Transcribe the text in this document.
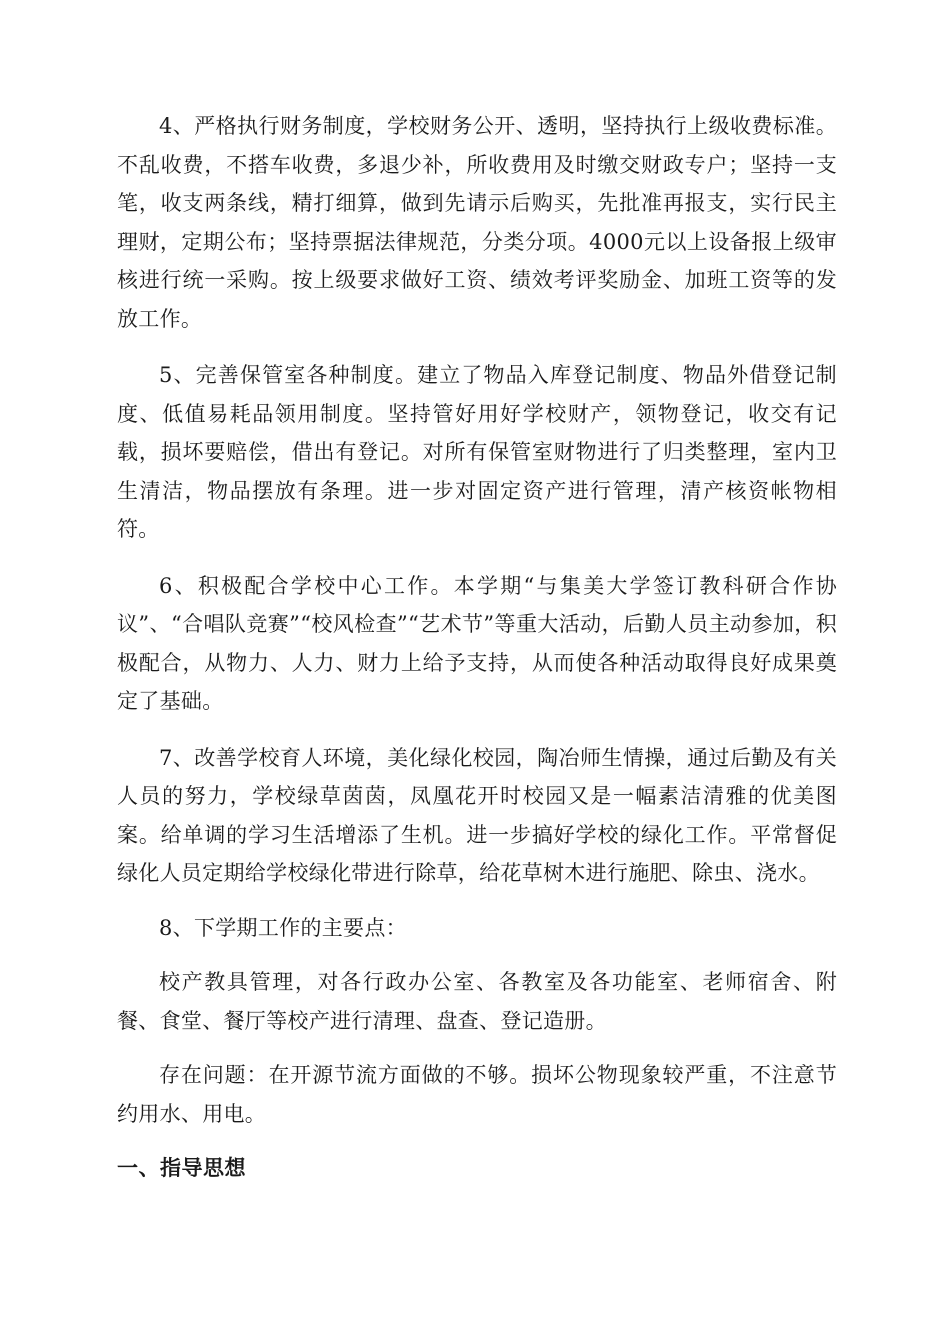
4、严格执行财务制度，学校财务公开、透明，坚持执行上级收费标准。不乱收费，不搭车收费，多退少补，所收费用及时缴交财政专户；坚持一支笔，收支两条线，精打细算，做到先请示后购买，先批准再报支，实行民主理财，定期公布；坚持票据法律规范，分类分项。4000元以上设备报上级审核进行统一采购。按上级要求做好工资、绩效考评奖励金、加班工资等的发放工作。

5、完善保管室各种制度。建立了物品入库登记制度、物品外借登记制度、低值易耗品领用制度。坚持管好用好学校财产，领物登记，收交有记载，损坏要赔偿，借出有登记。对所有保管室财物进行了归类整理，室内卫生清洁，物品摆放有条理。进一步对固定资产进行管理，清产核资帐物相符。

6、积极配合学校中心工作。本学期“与集美大学签订教科研合作协议”、“合唱队竞赛”“校风检查”“艺术节”等重大活动，后勤人员主动参加，积极配合，从物力、人力、财力上给予支持，从而使各种活动取得良好成果奠定了基础。

7、改善学校育人环境，美化绿化校园，陶冶师生情操，通过后勤及有关人员的努力，学校绿草茵茵，凤凰花开时校园又是一幅素洁清雅的优美图案。给单调的学习生活增添了生机。进一步搞好学校的绿化工作。平常督促绿化人员定期给学校绿化带进行除草，给花草树木进行施肥、除虫、浇水。

8、下学期工作的主要点：

校产教具管理，对各行政办公室、各教室及各功能室、老师宿舍、附餐、食堂、餐厅等校产进行清理、盘查、登记造册。

存在问题：在开源节流方面做的不够。损坏公物现象较严重，不注意节约用水、用电。

一、指导思想
